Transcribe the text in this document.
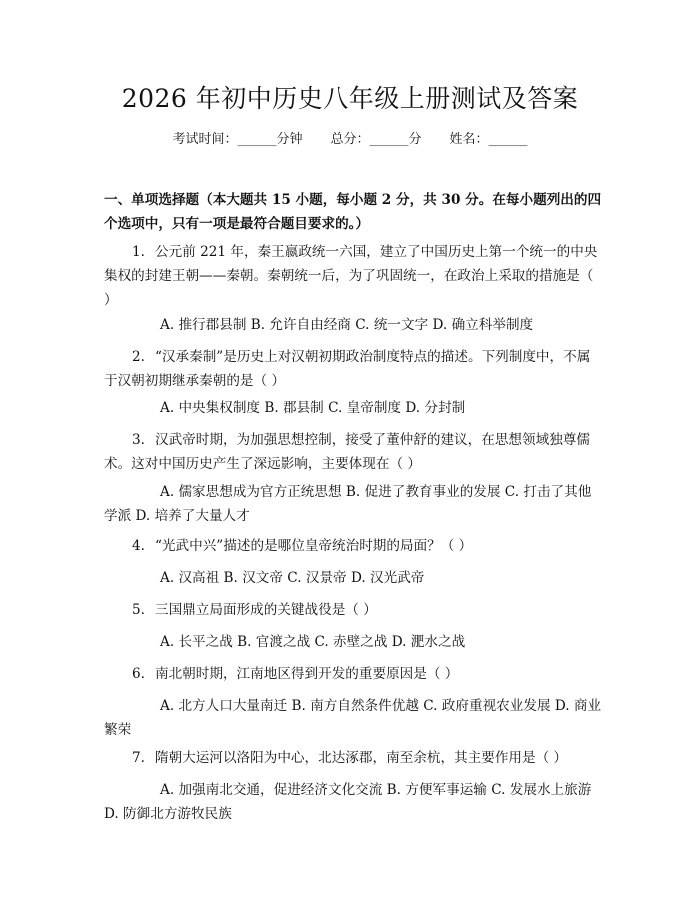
2026 年初中历史八年级上册测试及答案
考试时间：______分钟 总分：______分 姓名：______
一、单项选择题（本大题共 15 小题，每小题 2 分，共 30 分。在每小题列出的四个选项中，只有一项是最符合题目要求的。）
1. 公元前 221 年，秦王嬴政统一六国，建立了中国历史上第一个统一的中央集权的封建王朝——秦朝。秦朝统一后，为了巩固统一，在政治上采取的措施是（ ）
A. 推行郡县制 B. 允许自由经商 C. 统一文字 D. 确立科举制度
2. “汉承秦制”是历史上对汉朝初期政治制度特点的描述。下列制度中，不属于汉朝初期继承秦朝的是（ ）
A. 中央集权制度 B. 郡县制 C. 皇帝制度 D. 分封制
3. 汉武帝时期，为加强思想控制，接受了董仲舒的建议，在思想领域独尊儒术。这对中国历史产生了深远影响，主要体现在（ ）
A. 儒家思想成为官方正统思想 B. 促进了教育事业的发展 C. 打击了其他学派 D. 培养了大量人才
4. “光武中兴”描述的是哪位皇帝统治时期的局面？（ ）
A. 汉高祖 B. 汉文帝 C. 汉景帝 D. 汉光武帝
5. 三国鼎立局面形成的关键战役是（ ）
A. 长平之战 B. 官渡之战 C. 赤壁之战 D. 淝水之战
6. 南北朝时期，江南地区得到开发的重要原因是（ ）
A. 北方人口大量南迁 B. 南方自然条件优越 C. 政府重视农业发展 D. 商业繁荣
7. 隋朝大运河以洛阳为中心，北达涿郡，南至余杭，其主要作用是（ ）
A. 加强南北交通，促进经济文化交流 B. 方便军事运输 C. 发展水上旅游 D. 防御北方游牧民族
